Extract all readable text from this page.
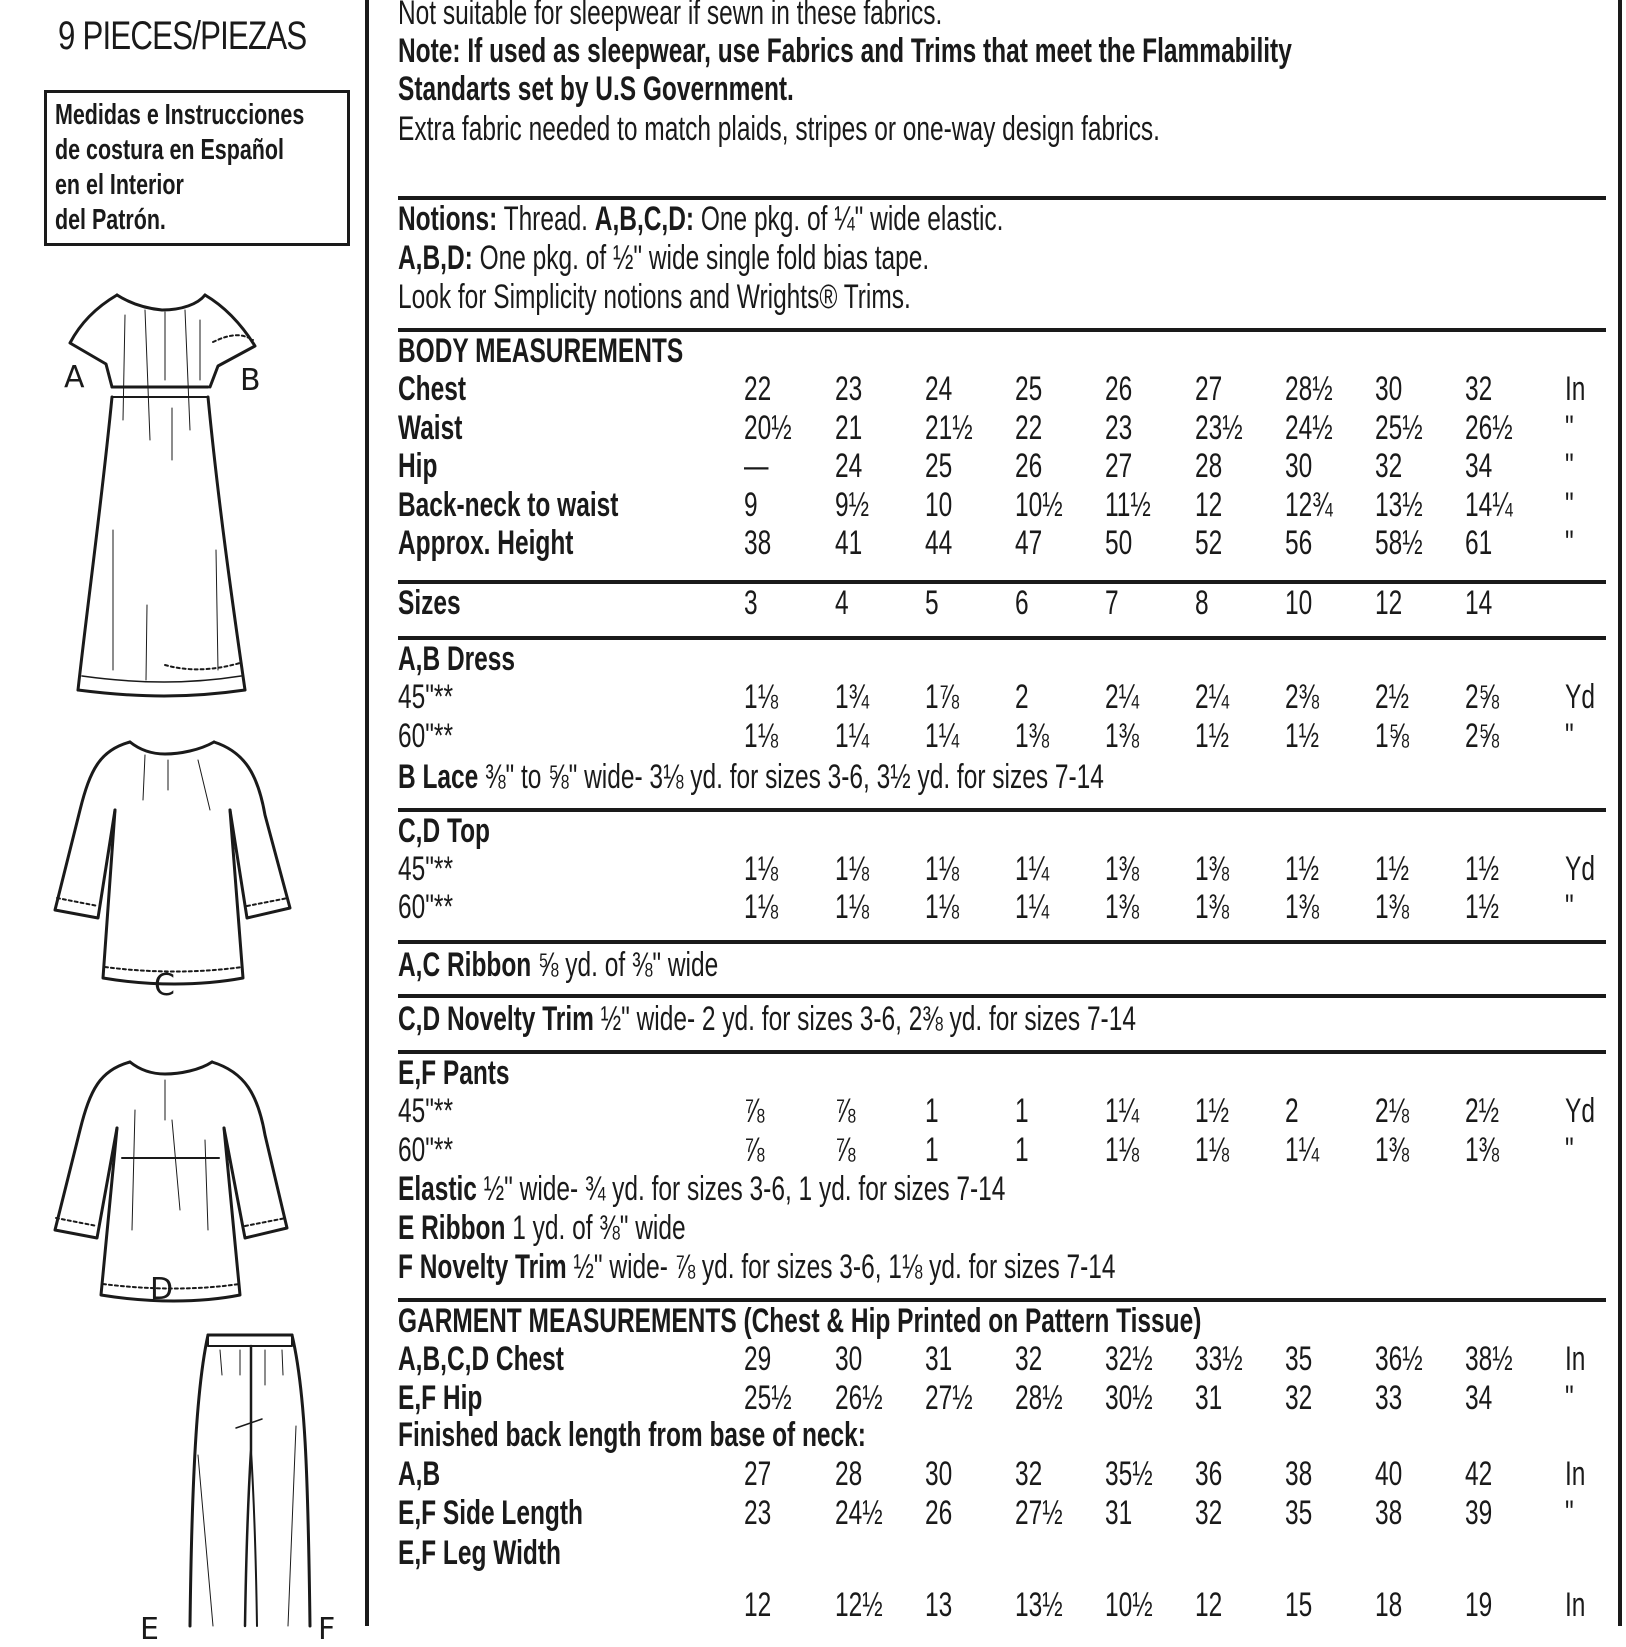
9 PIECES/PIEZAS
Medidas e Instrucciones
de costura en Español
en el Interior
del Patrón.
A	B
C
D
E	F
Not suitable for sleepwear if sewn in these fabrics.
Note: If used as sleepwear, use Fabrics and Trims that meet the Flammability
Standarts set by U.S Government.
Extra fabric needed to match plaids, stripes or one-way design fabrics.
Notions: Thread. A,B,C,D: One pkg. of ¼" wide elastic.
A,B,D: One pkg. of ½" wide single fold bias tape.
Look for Simplicity notions and Wrights® Trims.
BODY MEASUREMENTS
Chest	22 23 24 25 26 27 28½ 30 32 In
Waist	20½ 21 21½ 22 23 23½ 24½ 25½ 26½ "
Hip	— 24 25 26 27 28 30 32 34 "
Back-neck to waist	9 9½ 10 10½ 11½ 12 12¾ 13½ 14¼ "
Approx. Height	38 41 44 47 50 52 56 58½ 61 "
Sizes	3 4 5 6 7 8 10 12 14
A,B Dress
45"**	1⅛ 1¾ 1⅞ 2 2¼ 2¼ 2⅜ 2½ 2⅝ Yd
60"**	1⅛ 1¼ 1¼ 1⅜ 1⅜ 1½ 1½ 1⅝ 2⅝ "
B Lace ⅜" to ⅝" wide- 3⅛ yd. for sizes 3-6, 3½ yd. for sizes 7-14
C,D Top
45"**	1⅛ 1⅛ 1⅛ 1¼ 1⅜ 1⅜ 1½ 1½ 1½ Yd
60"**	1⅛ 1⅛ 1⅛ 1¼ 1⅜ 1⅜ 1⅜ 1⅜ 1½ "
A,C Ribbon ⅝ yd. of ⅜" wide
C,D Novelty Trim ½" wide- 2 yd. for sizes 3-6, 2⅜ yd. for sizes 7-14
E,F Pants
45"**	⅞ ⅞ 1 1 1¼ 1½ 2 2⅛ 2½ Yd
60"**	⅞ ⅞ 1 1 1⅛ 1⅛ 1¼ 1⅜ 1⅜ "
Elastic ½" wide- ¾ yd. for sizes 3-6, 1 yd. for sizes 7-14
E Ribbon 1 yd. of ⅜" wide
F Novelty Trim ½" wide- ⅞ yd. for sizes 3-6, 1⅛ yd. for sizes 7-14
GARMENT MEASUREMENTS (Chest & Hip Printed on Pattern Tissue)
A,B,C,D Chest	29 30 31 32 32½ 33½ 35 36½ 38½ In
E,F Hip	25½ 26½ 27½ 28½ 30½ 31 32 33 34 "
Finished back length from base of neck:
A,B	27 28 30 32 35½ 36 38 40 42 In
E,F Side Length	23 24½ 26 27½ 31 32 35 38 39 "
E,F Leg Width
12 12½ 13 13½ 10½ 12 15 18 19 In
